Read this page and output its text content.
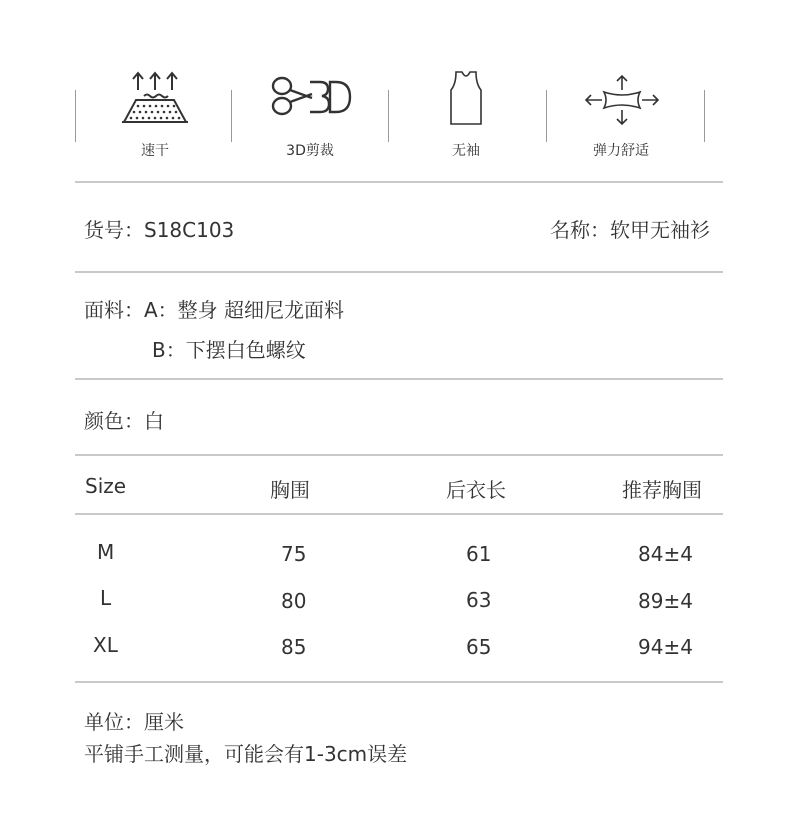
速干	3D剪裁	无袖	弹力舒适
货号：S18C103	名称：软甲无袖衫
面料：A：整身 超细尼龙面料
B：下摆白色螺纹
颜色：白
Size	胸围	后衣长	推荐胸围
M	75	61	84±4
L	80	63	89±4
XL	85	65	94±4
单位：厘米
平铺手工测量，可能会有1-3cm误差
